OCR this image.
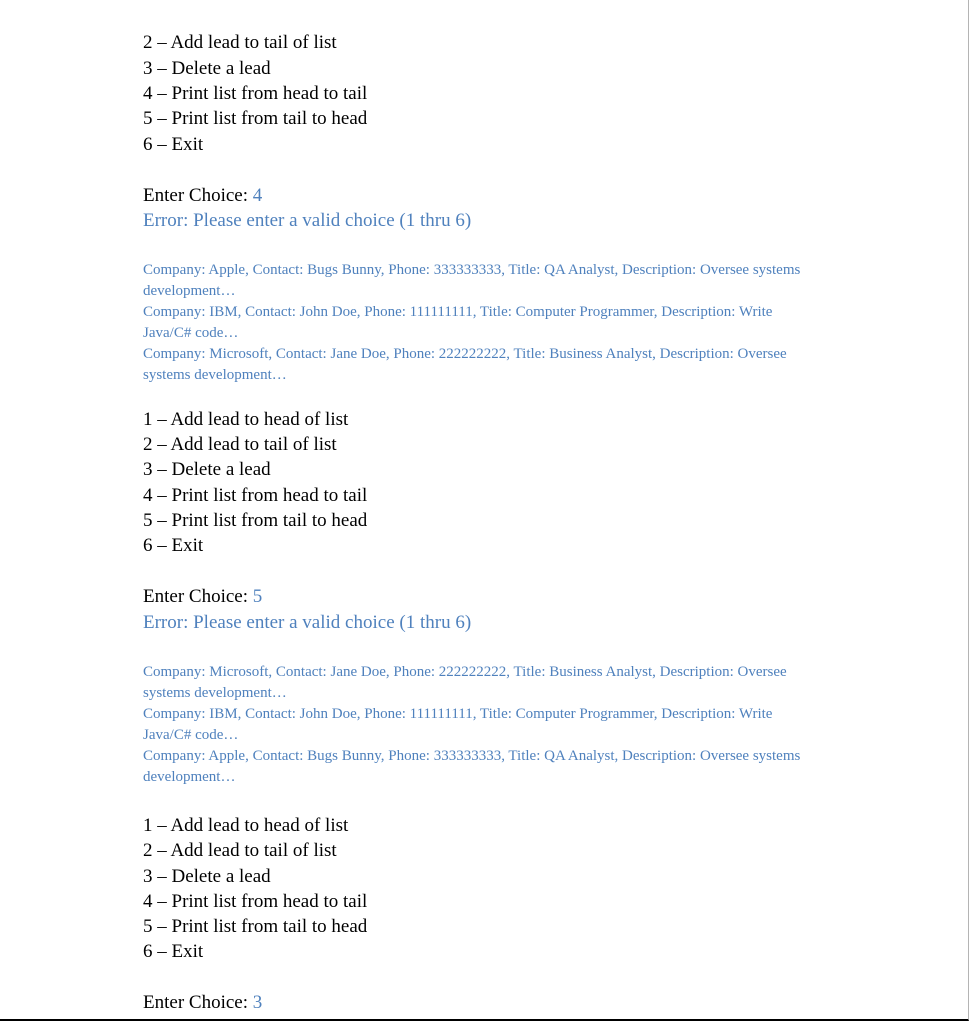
2 – Add lead to tail of list
3 – Delete a lead
4 – Print list from head to tail
5 – Print list from tail to head
6 – Exit
Enter Choice: 4
Error: Please enter a valid choice (1 thru 6)
Company: Apple, Contact: Bugs Bunny, Phone: 333333333, Title: QA Analyst, Description: Oversee systems
development…
Company: IBM, Contact: John Doe, Phone: 111111111, Title: Computer Programmer, Description: Write
Java/C# code…
Company: Microsoft, Contact: Jane Doe, Phone: 222222222, Title: Business Analyst, Description: Oversee
systems development…
1 – Add lead to head of list
2 – Add lead to tail of list
3 – Delete a lead
4 – Print list from head to tail
5 – Print list from tail to head
6 – Exit
Enter Choice: 5
Error: Please enter a valid choice (1 thru 6)
Company: Microsoft, Contact: Jane Doe, Phone: 222222222, Title: Business Analyst, Description: Oversee
systems development…
Company: IBM, Contact: John Doe, Phone: 111111111, Title: Computer Programmer, Description: Write
Java/C# code…
Company: Apple, Contact: Bugs Bunny, Phone: 333333333, Title: QA Analyst, Description: Oversee systems
development…
1 – Add lead to head of list
2 – Add lead to tail of list
3 – Delete a lead
4 – Print list from head to tail
5 – Print list from tail to head
6 – Exit
Enter Choice: 3
